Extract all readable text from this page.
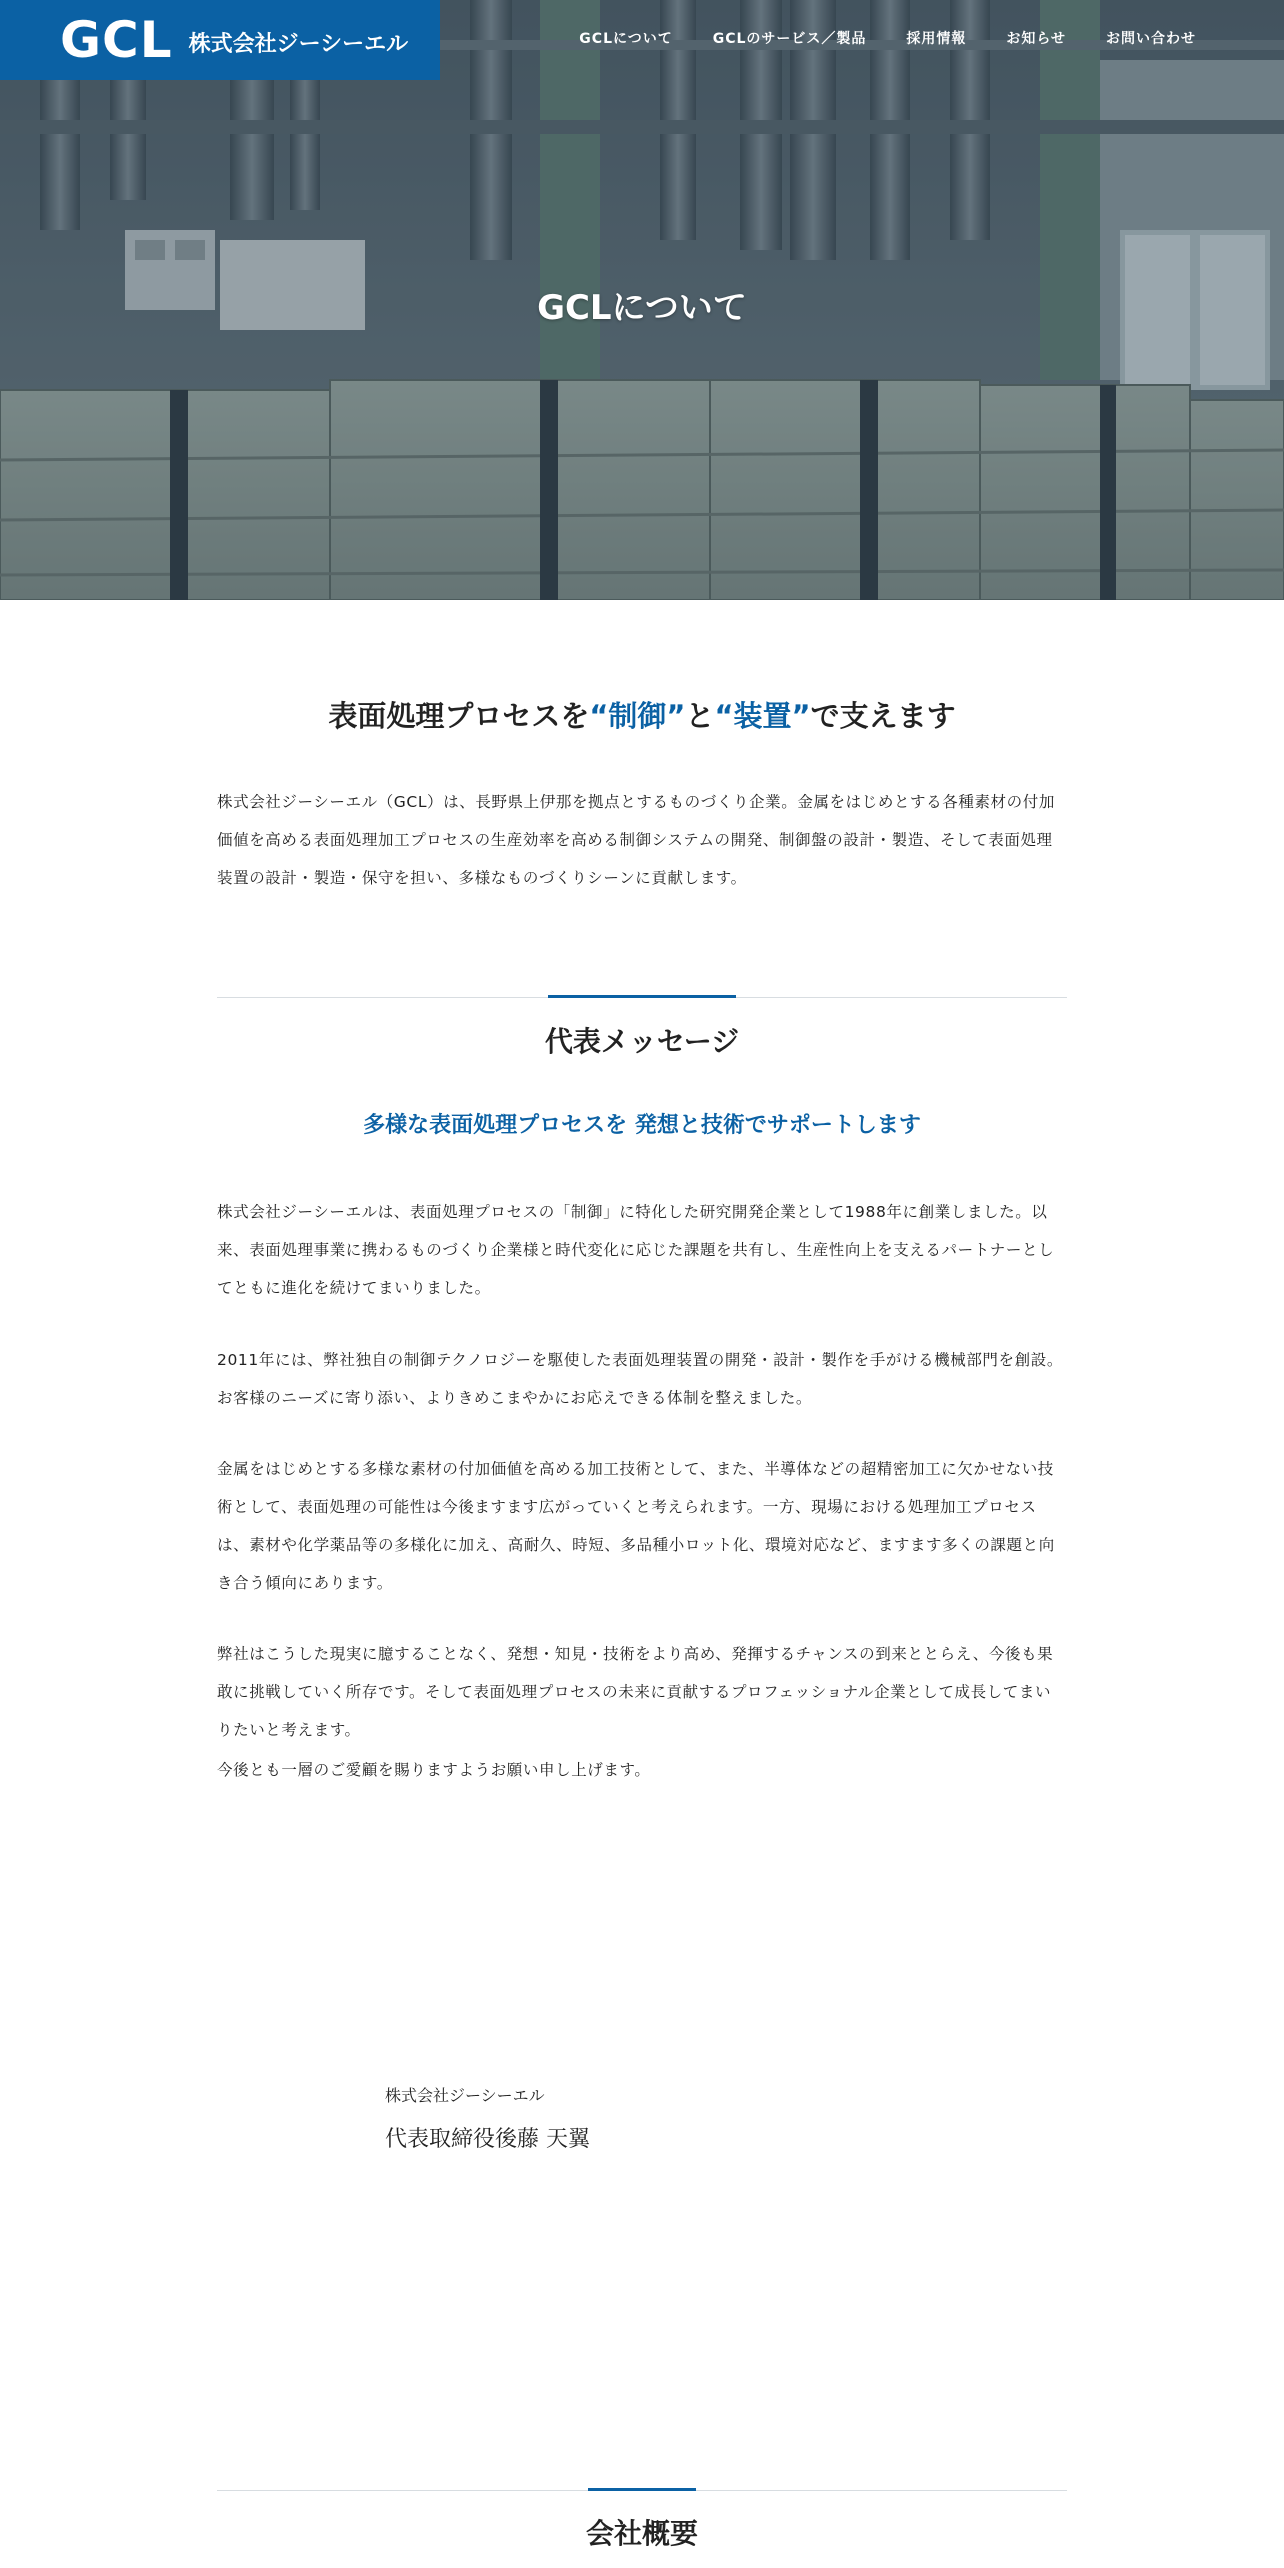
GCL 株式会社ジーシーエル	GCLについて	GCLのサービス／製品	採用情報	お知らせ	お問い合わせ
GCLについて
表面処理プロセスを“制御”と“装置”で支えます

株式会社ジーシーエル（GCL）は、長野県上伊那を拠点とするものづくり企業。金属をはじめとする各種素材の付加価値を高める表面処理加工プロセスの生産効率を高める制御システムの開発、制御盤の設計・製造、そして表面処理装置の設計・製造・保守を担い、多様なものづくりシーンに貢献します。

代表メッセージ
多様な表面処理プロセスを 発想と技術でサポートします

株式会社ジーシーエルは、表面処理プロセスの「制御」に特化した研究開発企業として1988年に創業しました。以来、表面処理事業に携わるものづくり企業様と時代変化に応じた課題を共有し、生産性向上を支えるパートナーとしてともに進化を続けてまいりました。

2011年には、弊社独自の制御テクノロジーを駆使した表面処理装置の開発・設計・製作を手がける機械部門を創設。お客様のニーズに寄り添い、よりきめこまやかにお応えできる体制を整えました。

金属をはじめとする多様な素材の付加価値を高める加工技術として、また、半導体などの超精密加工に欠かせない技術として、表面処理の可能性は今後ますます広がっていくと考えられます。一方、現場における処理加工プロセスは、素材や化学薬品等の多様化に加え、高耐久、時短、多品種小ロット化、環境対応など、ますます多くの課題と向き合う傾向にあります。

弊社はこうした現実に臆することなく、発想・知見・技術をより高め、発揮するチャンスの到来ととらえ、今後も果敢に挑戦していく所存です。そして表面処理プロセスの未来に貢献するプロフェッショナル企業として成長してまいりたいと考えます。

今後とも一層のご愛顧を賜りますようお願い申し上げます。

株式会社ジーシーエル
代表取締役後藤 天翼
会社概要
